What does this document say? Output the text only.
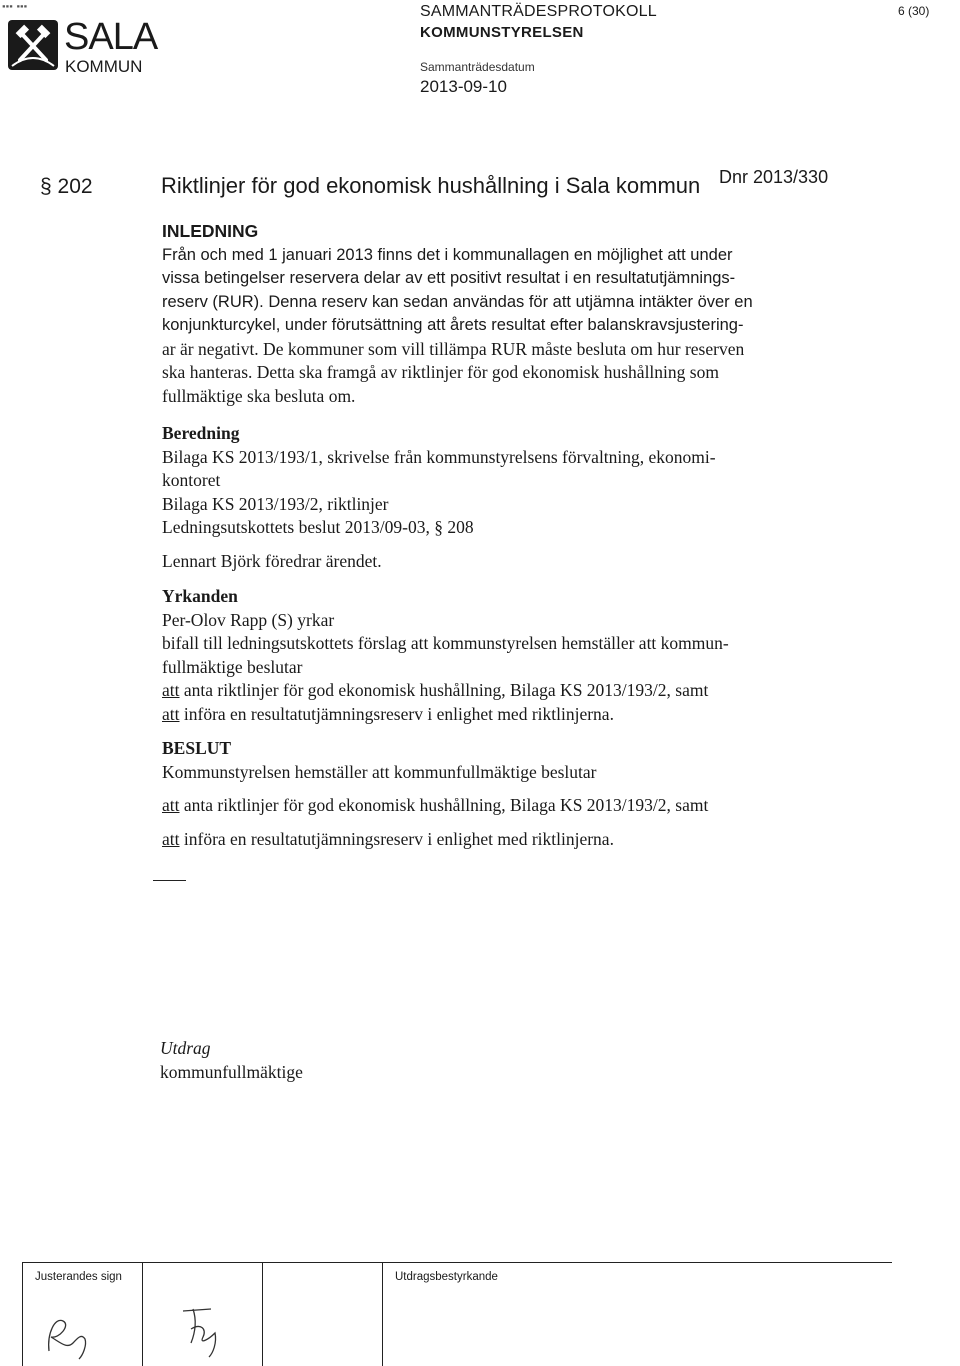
▪▪▪ ▪▪▪
SALA
KOMMUN
SAMMANTRÄDESPROTOKOLL
KOMMUNSTYRELSEN
Sammanträdesdatum
2013-09-10
6 (30)
Dnr 2013/330
§ 202	Riktlinjer för god ekonomisk hushållning i Sala kommun
INLEDNING
Från och med 1 januari 2013 finns det i kommunallagen en möjlighet att under
vissa betingelser reservera delar av ett positivt resultat i en resultatutjämnings-
reserv (RUR). Denna reserv kan sedan användas för att utjämna intäkter över en
konjunkturcykel, under förutsättning att årets resultat efter balanskravsjustering-
ar är negativt. De kommuner som vill tillämpa RUR måste besluta om hur reserven
ska hanteras. Detta ska framgå av riktlinjer för god ekonomisk hushållning som
fullmäktige ska besluta om.
Beredning
Bilaga KS 2013/193/1, skrivelse från kommunstyrelsens förvaltning, ekonomi-
kontoret
Bilaga KS 2013/193/2, riktlinjer
Ledningsutskottets beslut 2013/09-03, § 208
Lennart Björk föredrar ärendet.
Yrkanden
Per-Olov Rapp (S) yrkar
bifall till ledningsutskottets förslag att kommunstyrelsen hemställer att kommun-
fullmäktige beslutar
att anta riktlinjer för god ekonomisk hushållning, Bilaga KS 2013/193/2, samt
att införa en resultatutjämningsreserv i enlighet med riktlinjerna.
BESLUT
Kommunstyrelsen hemställer att kommunfullmäktige beslutar
att anta riktlinjer för god ekonomisk hushållning, Bilaga KS 2013/193/2, samt
att införa en resultatutjämningsreserv i enlighet med riktlinjerna.
Utdrag
kommunfullmäktige
Justerandes sign	Utdragsbestyrkande
